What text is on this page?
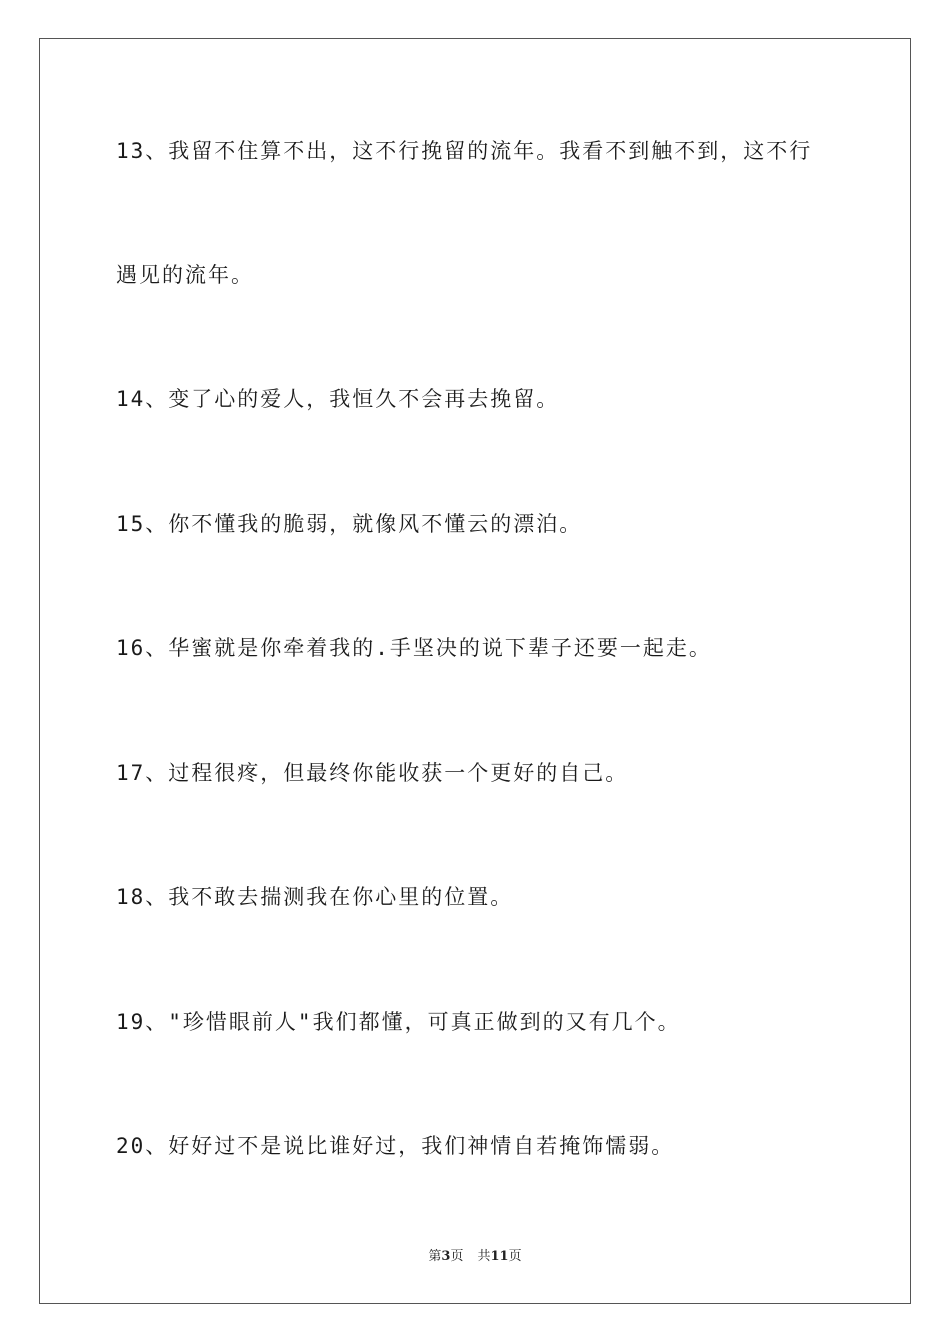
13、我留不住算不出，这不行挽留的流年。我看不到触不到，这不行

遇见的流年。

14、变了心的爱人，我恒久不会再去挽留。

15、你不懂我的脆弱，就像风不懂云的漂泊。

16、华蜜就是你牵着我的.手坚决的说下辈子还要一起走。

17、过程很疼，但最终你能收获一个更好的自己。

18、我不敢去揣测我在你心里的位置。

19、"珍惜眼前人"我们都懂，可真正做到的又有几个。

20、好好过不是说比谁好过，我们神情自若掩饰懦弱。

第3页 共11页
